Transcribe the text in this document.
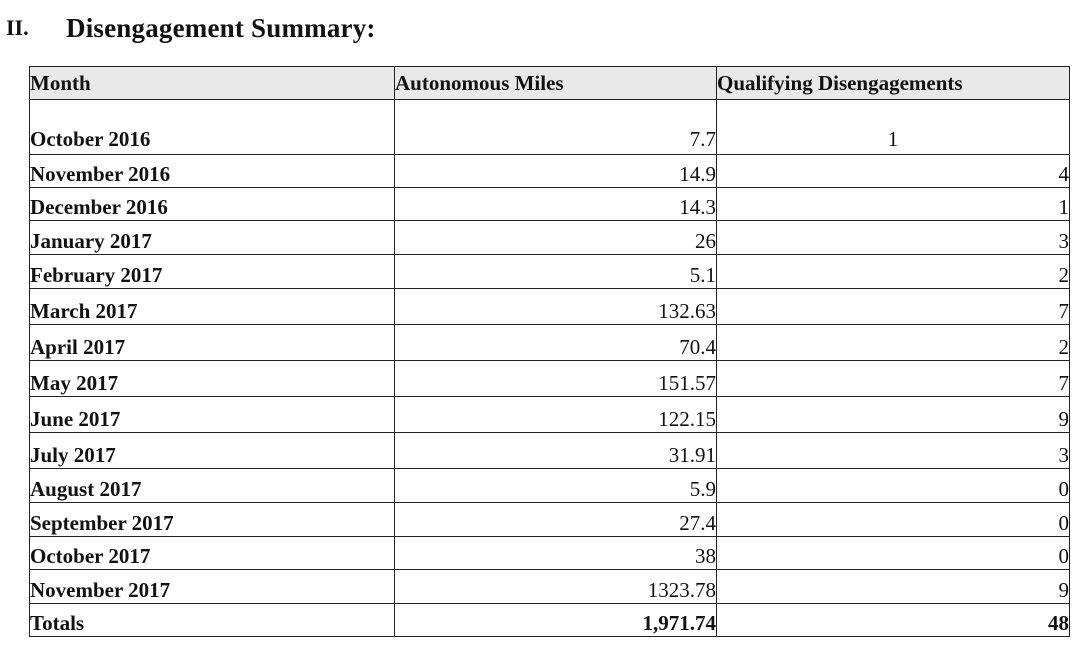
II.	Disengagement Summary:
Month	Autonomous Miles	Qualifying Disengagements
October 2016	7.7	1
November 2016	14.9	4
December 2016	14.3	1
January 2017	26	3
February 2017	5.1	2
March 2017	132.63	7
April 2017	70.4	2
May 2017	151.57	7
June 2017	122.15	9
July 2017	31.91	3
August 2017	5.9	0
September 2017	27.4	0
October 2017	38	0
November 2017	1323.78	9
Totals	1,971.74	48
